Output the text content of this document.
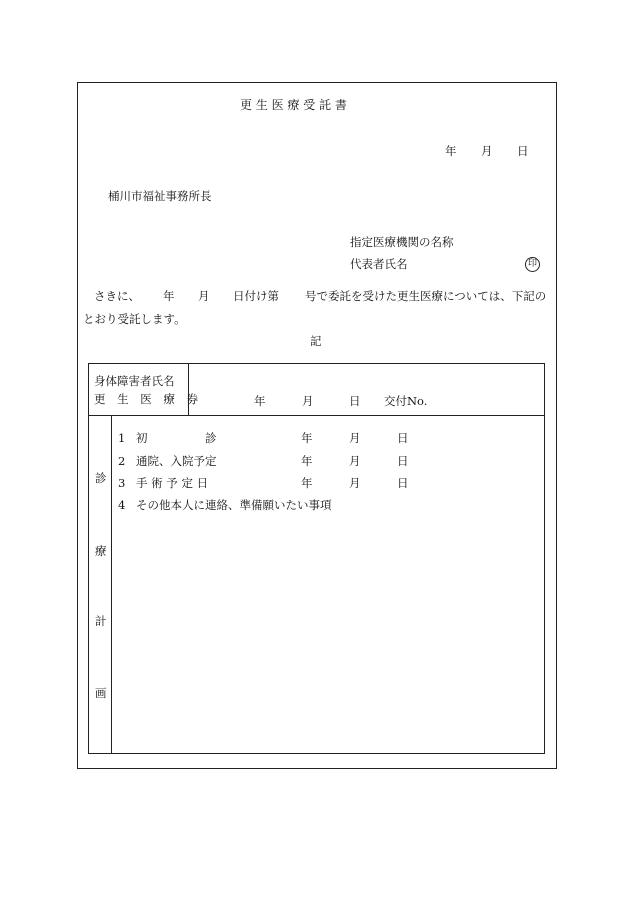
更 生 医 療 受 託 書
年 月 日
桶川市福祉事務所長
指定医療機関の名称
代表者氏名	印
さきに、 年 月 日付け第 号で委託を受けた更生医療については、下記の
とおり受託します。
記
身体障害者氏名
更 生 医 療 券	年	月	日 交付No.
診
療
計
画
1 初　　　　　診	年	月	日
2 通院、入院予定	年	月	日
3 手 術 予 定 日	年	月	日
4 その他本人に連絡、準備願いたい事項
